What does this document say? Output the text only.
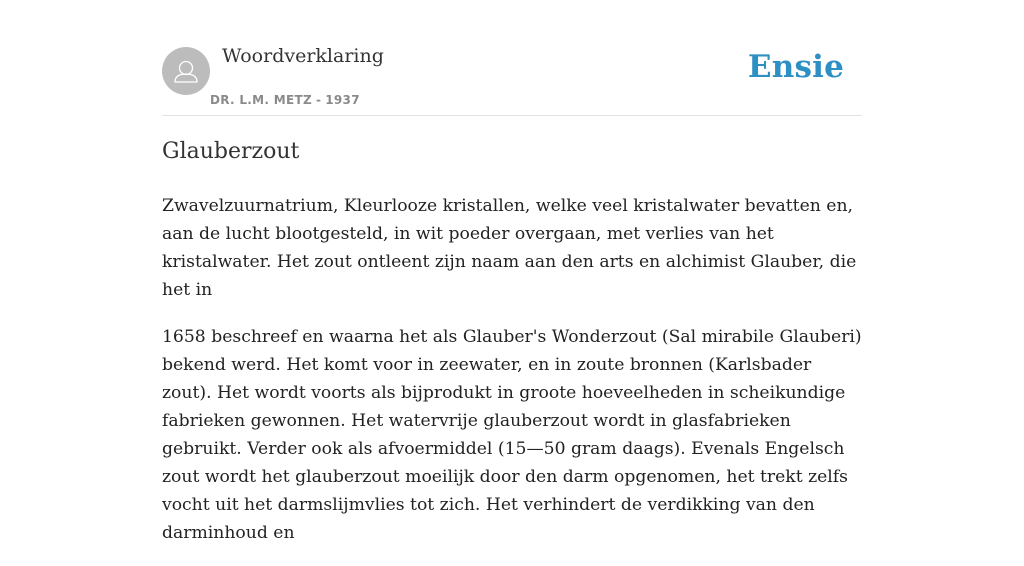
Woordverklaring
DR. L.M. METZ - 1937
Ensie
Glauberzout

Zwavelzuurnatrium, Kleurlooze kristallen, welke veel kristalwater bevatten en, aan de lucht blootgesteld, in wit poeder overgaan, met verlies van het kristalwater. Het zout ontleent zijn naam aan den arts en alchimist Glauber, die het in

1658 beschreef en waarna het als Glauber's Wonderzout (Sal mirabile Glauberi) bekend werd. Het komt voor in zeewater, en in zoute bronnen (Karlsbader zout). Het wordt voorts als bijprodukt in groote hoeveelheden in scheikundige fabrieken gewonnen. Het watervrije glauberzout wordt in glasfabrieken gebruikt. Verder ook als afvoermiddel (15—50 gram daags). Evenals Engelsch zout wordt het glauberzout moeilijk door den darm opgenomen, het trekt zelfs vocht uit het darmslijmvlies tot zich. Het verhindert de verdikking van den darminhoud en
